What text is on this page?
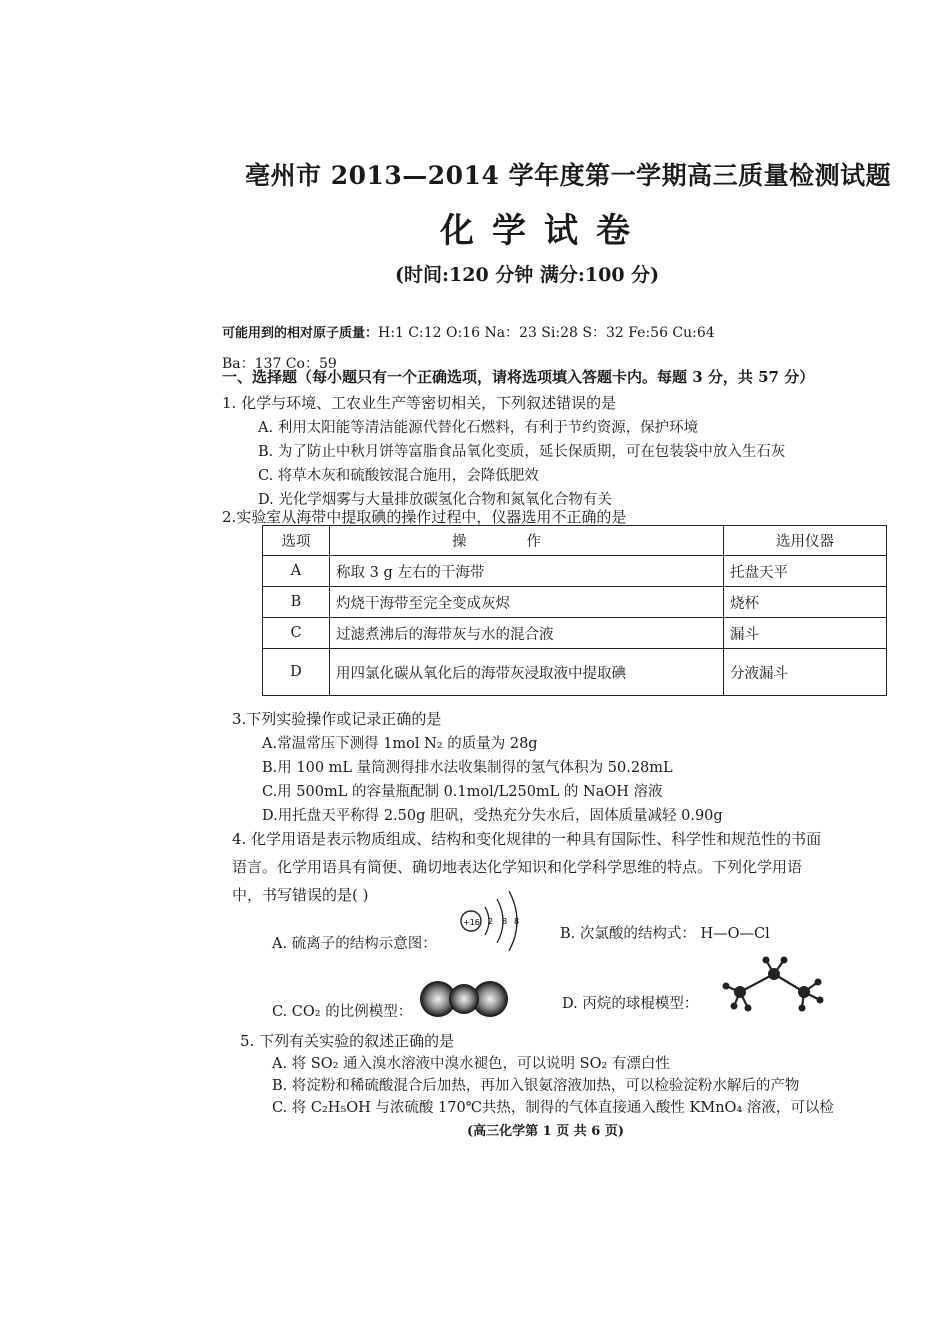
亳州市 2013—2014 学年度第一学期高三质量检测试题
化学试卷
(时间:120 分钟 满分:100 分)
可能用到的相对原子质量：H:1 C:12 O:16 Na：23 Si:28 S：32 Fe:56 Cu:64
Ba：137 Co：59
一、选择题（每小题只有一个正确选项，请将选项填入答题卡内。每题 3 分，共 57 分）
1. 化学与环境、工农业生产等密切相关，下列叙述错误的是
A. 利用太阳能等清洁能源代替化石燃料，有利于节约资源，保护环境
B. 为了防止中秋月饼等富脂食品氧化变质，延长保质期，可在包装袋中放入生石灰
C. 将草木灰和硫酸铵混合施用，会降低肥效
D. 光化学烟雾与大量排放碳氢化合物和氮氧化合物有关
2.实验室从海带中提取碘的操作过程中，仪器选用不正确的是
选项	操作	选用仪器
A	称取 3 g 左右的干海带	托盘天平
B	灼烧干海带至完全变成灰烬	烧杯
C	过滤煮沸后的海带灰与水的混合液	漏斗
D	用四氯化碳从氧化后的海带灰浸取液中提取碘	分液漏斗
3.下列实验操作或记录正确的是
A.常温常压下测得 1mol N₂ 的质量为 28g
B.用 100 mL 量筒测得排水法收集制得的氢气体积为 50.28mL
C.用 500mL 的容量瓶配制 0.1mol/L250mL 的 NaOH 溶液
D.用托盘天平称得 2.50g 胆矾，受热充分失水后，固体质量减轻 0.90g
4. 化学用语是表示物质组成、结构和变化规律的一种具有国际性、科学性和规范性的书面
语言。化学用语具有简便、确切地表达化学知识和化学科学思维的特点。下列化学用语
中，书写错误的是( )
A. 硫离子的结构示意图：
+16 2 8 8
B. 次氯酸的结构式： H—O—Cl
C. CO₂ 的比例模型：	D. 丙烷的球棍模型：
5. 下列有关实验的叙述正确的是
A. 将 SO₂ 通入溴水溶液中溴水褪色，可以说明 SO₂ 有漂白性
B. 将淀粉和稀硫酸混合后加热，再加入银氨溶液加热，可以检验淀粉水解后的产物
C. 将 C₂H₅OH 与浓硫酸 170℃共热，制得的气体直接通入酸性 KMnO₄ 溶液，可以检
(高三化学第 1 页 共 6 页)
